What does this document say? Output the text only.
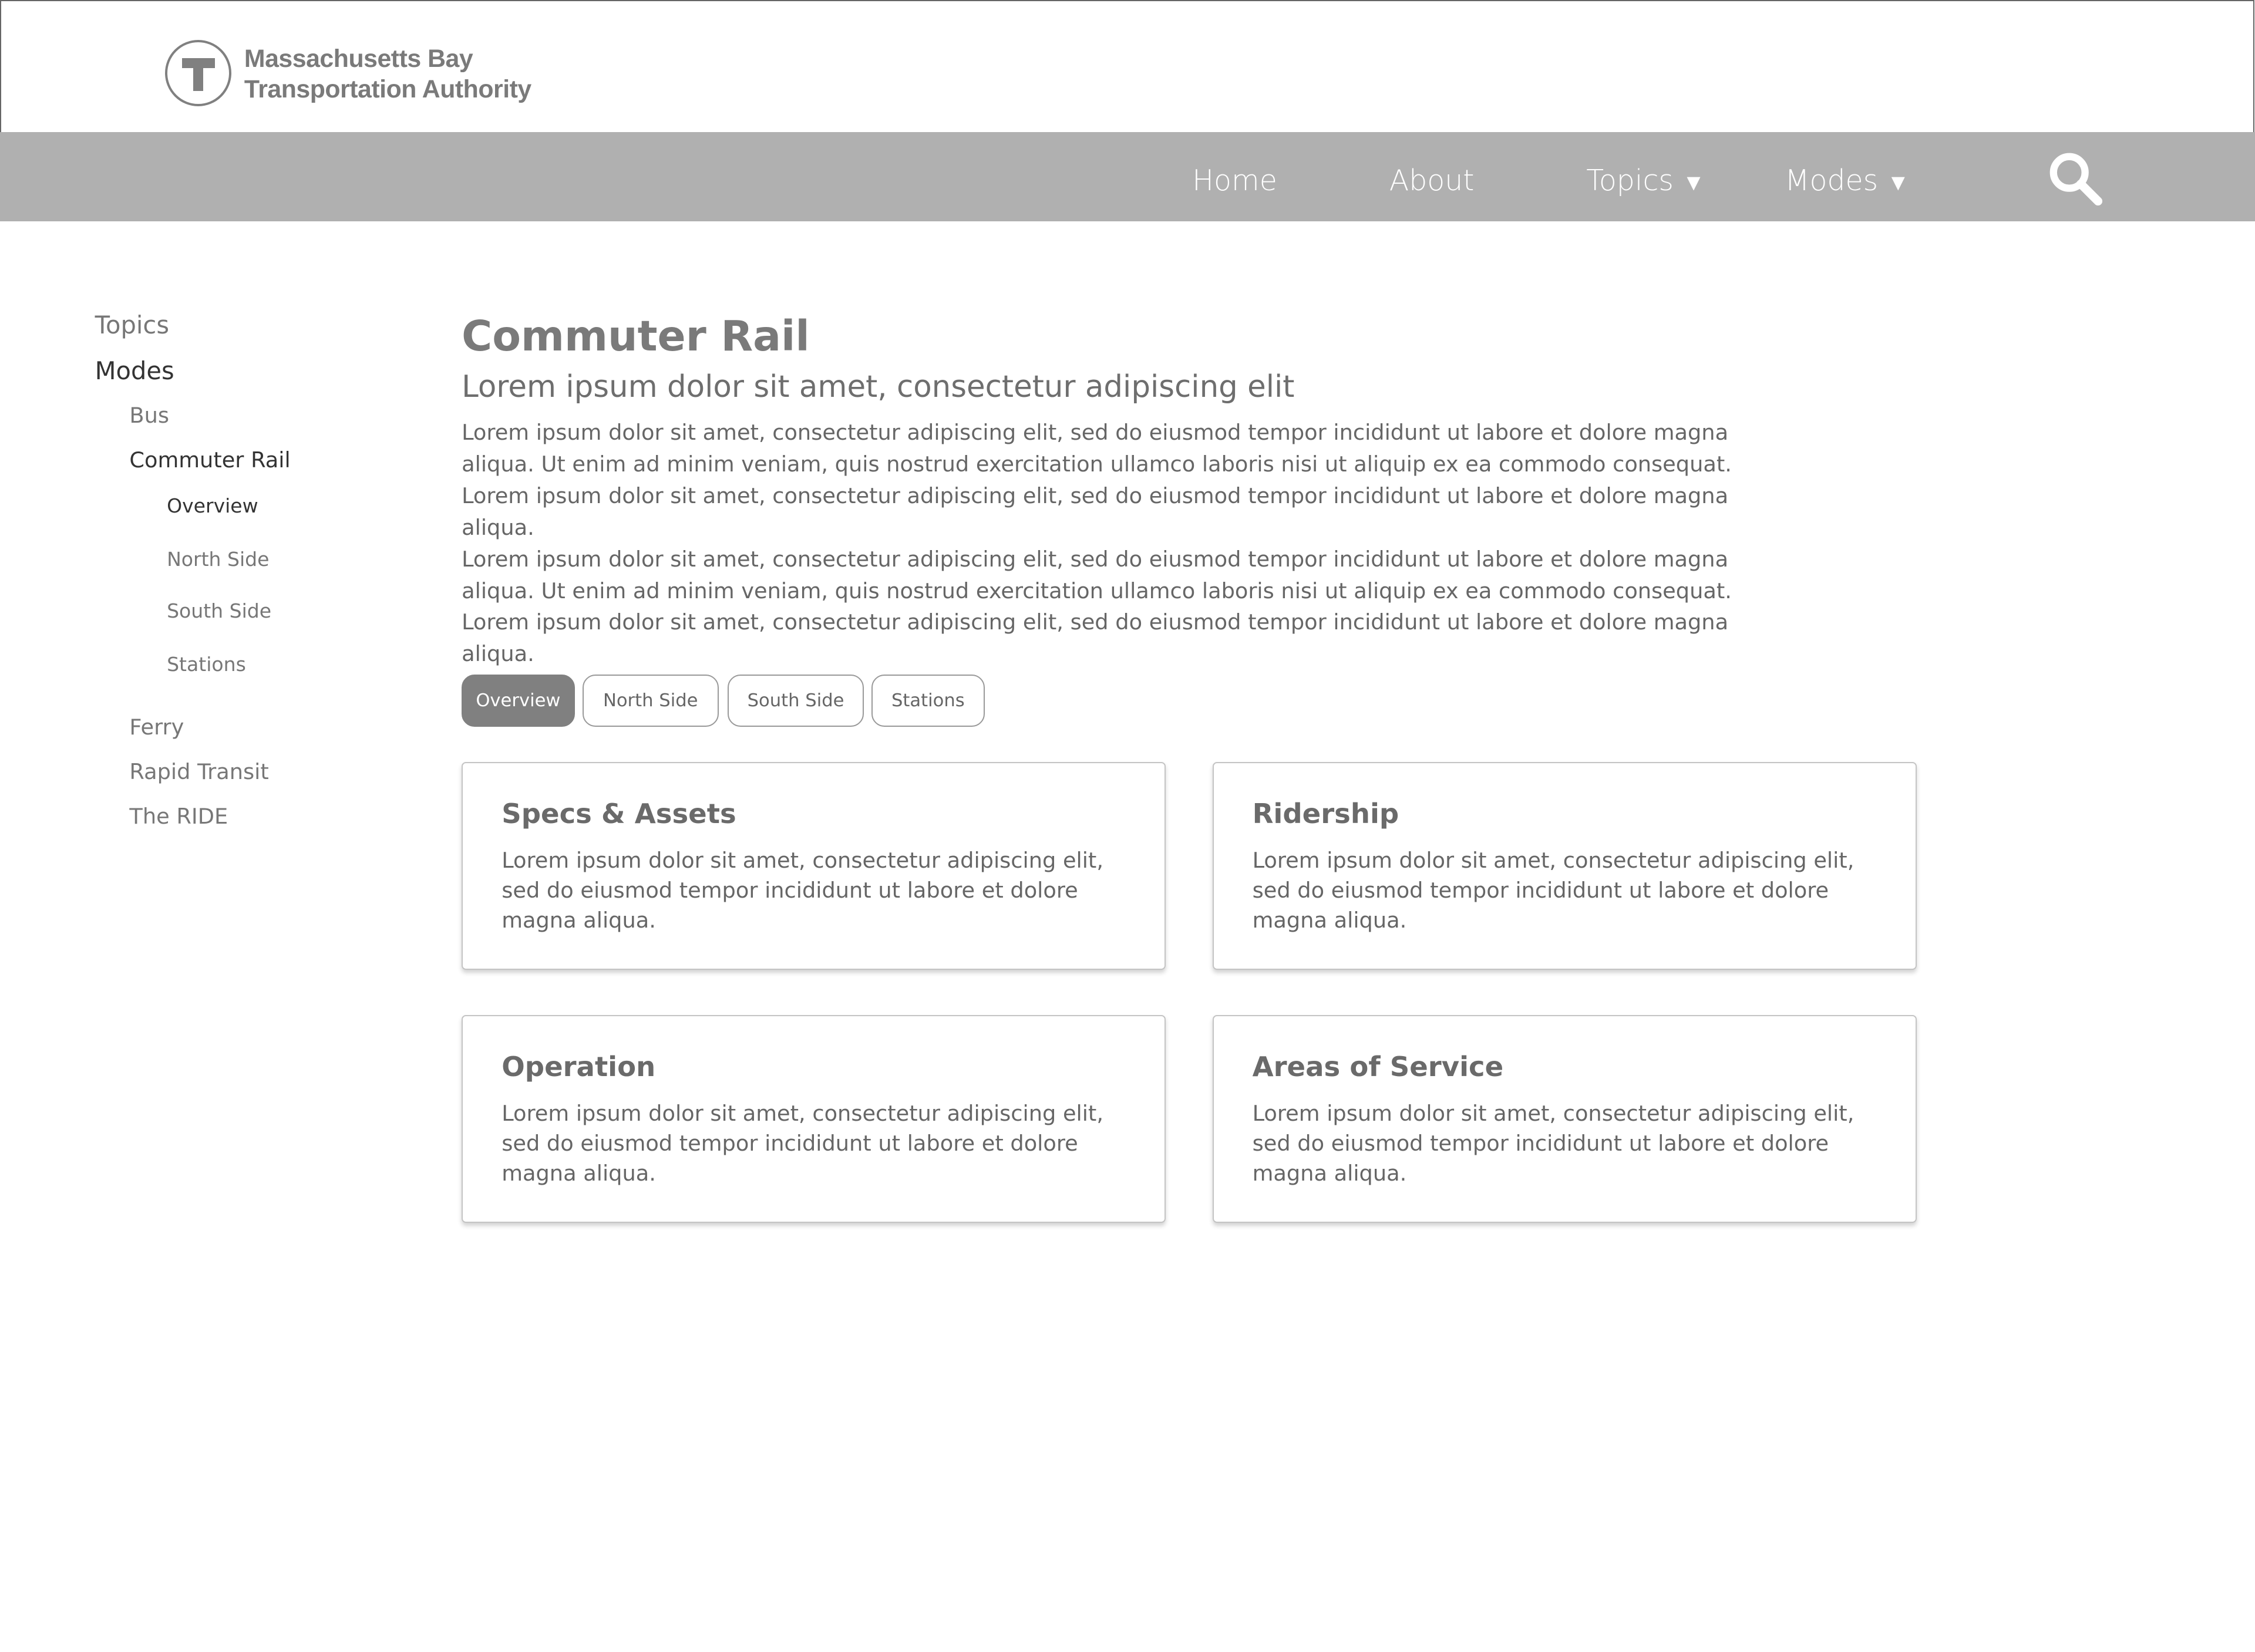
Massachusetts Bay
Transportation Authority
Home	About	Topics ▼	Modes ▼
Topics
Modes
Bus
Commuter Rail
Overview
North Side
South Side
Stations
Ferry
Rapid Transit
The RIDE
Commuter Rail
Lorem ipsum dolor sit amet, consectetur adipiscing elit
Lorem ipsum dolor sit amet, consectetur adipiscing elit, sed do eiusmod tempor incididunt ut labore et dolore magna aliqua. Ut enim ad minim veniam, quis nostrud exercitation ullamco laboris nisi ut aliquip ex ea commodo consequat. Lorem ipsum dolor sit amet, consectetur adipiscing elit, sed do eiusmod tempor incididunt ut labore et dolore magna aliqua.
Lorem ipsum dolor sit amet, consectetur adipiscing elit, sed do eiusmod tempor incididunt ut labore et dolore magna aliqua. Ut enim ad minim veniam, quis nostrud exercitation ullamco laboris nisi ut aliquip ex ea commodo consequat. Lorem ipsum dolor sit amet, consectetur adipiscing elit, sed do eiusmod tempor incididunt ut labore et dolore magna aliqua.
Overview	North Side	South Side	Stations
Specs & Assets
Lorem ipsum dolor sit amet, consectetur adipiscing elit, sed do eiusmod tempor incididunt ut labore et dolore magna aliqua.
Ridership
Lorem ipsum dolor sit amet, consectetur adipiscing elit, sed do eiusmod tempor incididunt ut labore et dolore magna aliqua.
Operation
Lorem ipsum dolor sit amet, consectetur adipiscing elit, sed do eiusmod tempor incididunt ut labore et dolore magna aliqua.
Areas of Service
Lorem ipsum dolor sit amet, consectetur adipiscing elit, sed do eiusmod tempor incididunt ut labore et dolore magna aliqua.
